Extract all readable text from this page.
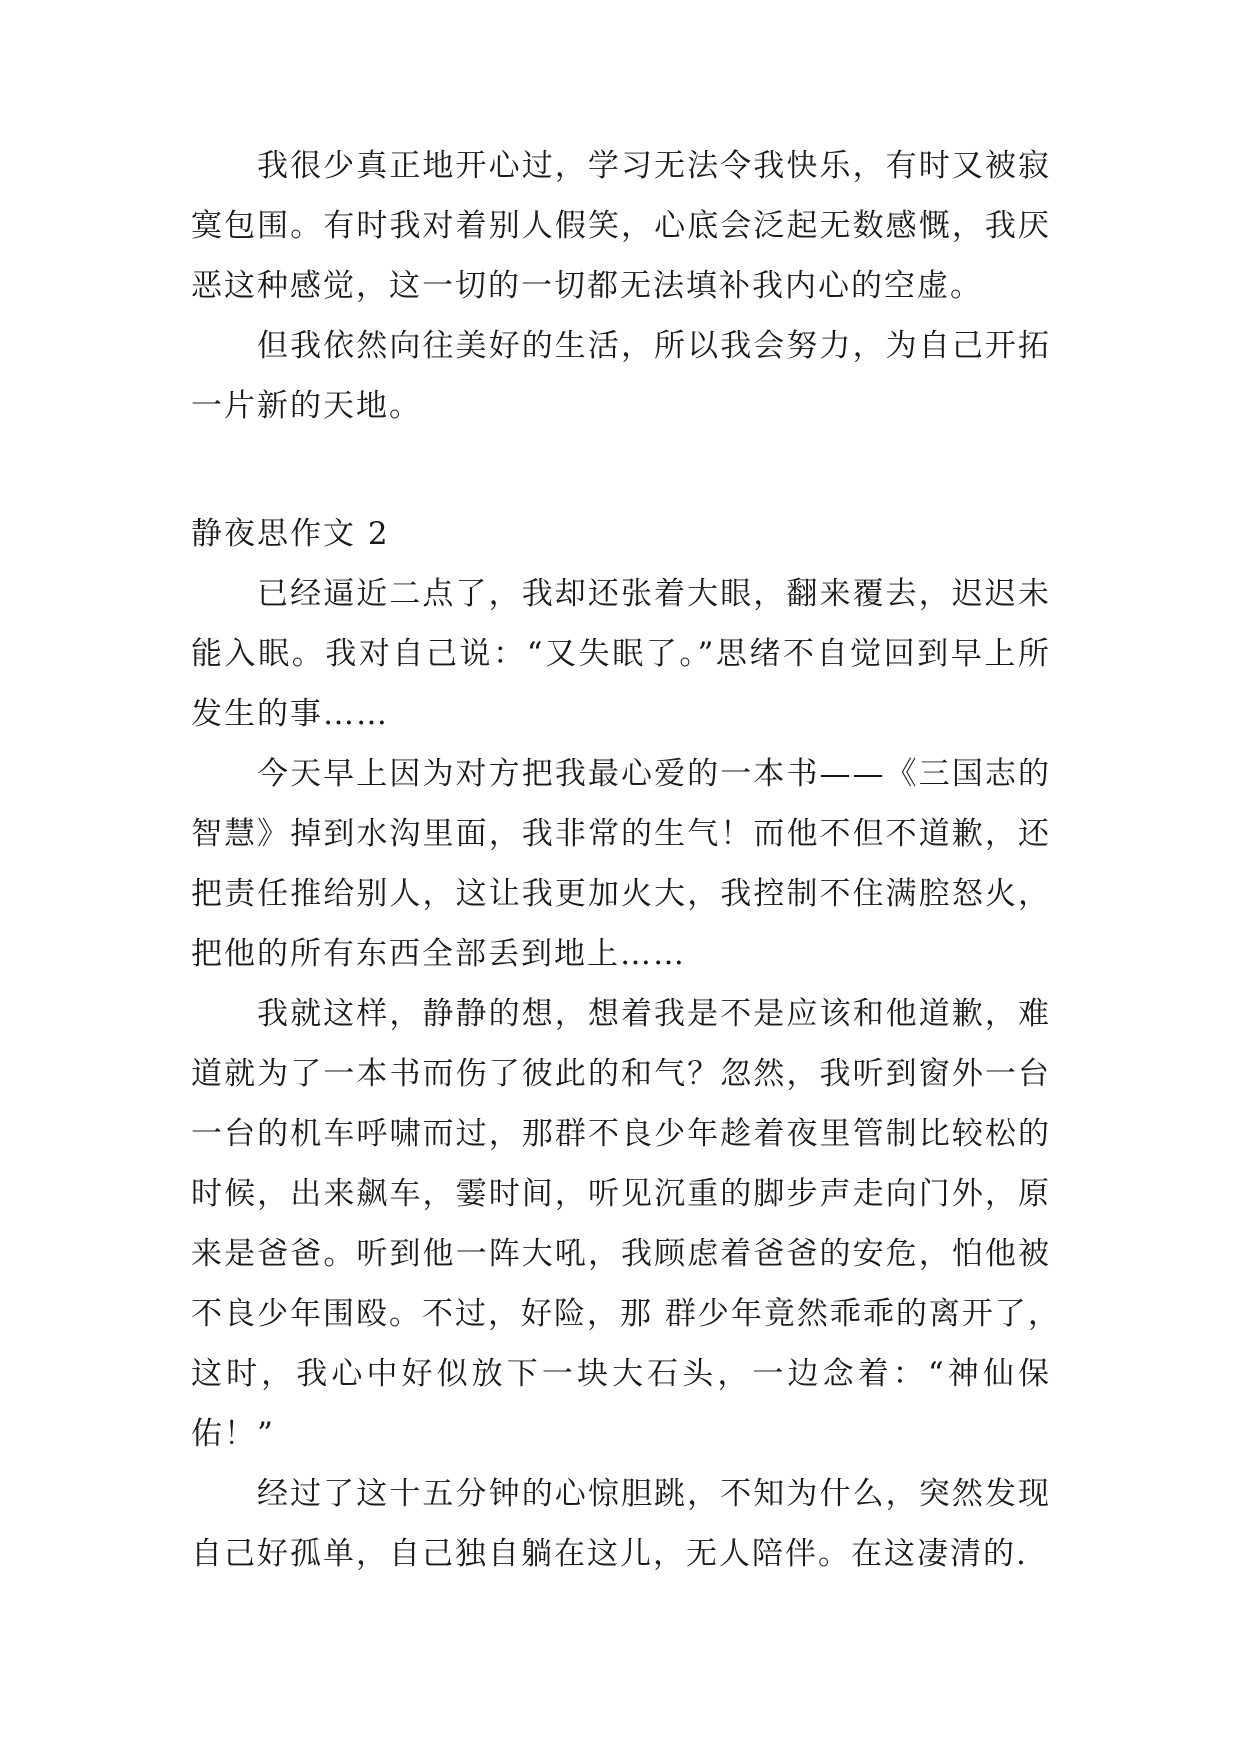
我很少真正地开心过，学习无法令我快乐，有时又被寂
寞包围。有时我对着别人假笑，心底会泛起无数感慨，我厌
恶这种感觉，这一切的一切都无法填补我内心的空虚。
但我依然向往美好的生活，所以我会努力，为自己开拓
一片新的天地。
静夜思作文 2
已经逼近二点了，我却还张着大眼，翻来覆去，迟迟未
能入眠。我对自己说：“又失眠了。”思绪不自觉回到早上所
发生的事……
今天早上因为对方把我最心爱的一本书——《三国志的
智慧》掉到水沟里面，我非常的生气！而他不但不道歉，还
把责任推给别人，这让我更加火大，我控制不住满腔怒火，
把他的所有东西全部丢到地上……
我就这样，静静的想，想着我是不是应该和他道歉，难
道就为了一本书而伤了彼此的和气？忽然，我听到窗外一台
一台的机车呼啸而过，那群不良少年趁着夜里管制比较松的
时候，出来飙车，霎时间，听见沉重的脚步声走向门外，原
来是爸爸。听到他一阵大吼，我顾虑着爸爸的安危，怕他被
不良少年围殴。不过，好险，那 群少年竟然乖乖的离开了，
这时，我心中好似放下一块大石头，一边念着：“神仙保
佑！”
经过了这十五分钟的心惊胆跳，不知为什么，突然发现
自己好孤单，自己独自躺在这儿，无人陪伴。在这凄清的.
